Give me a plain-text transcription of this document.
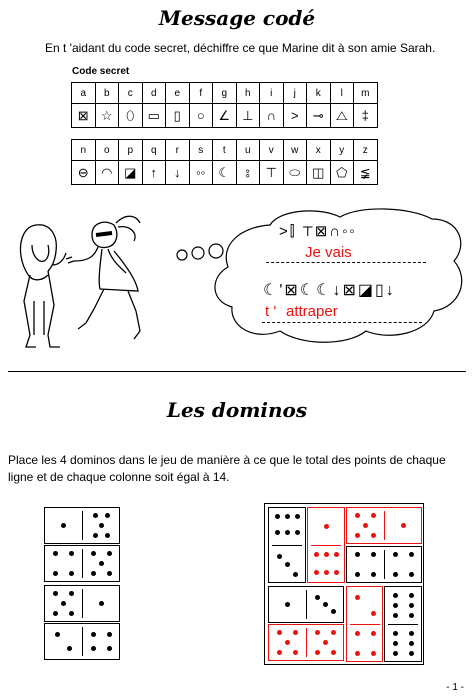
Message codé
En t 'aidant du code secret, déchiffre ce que Marine dit à son amie Sarah.
Code secret
a	b	c	d	e	f	g	h	i	j	k	l	m
⊠	☆	⬯	▭	▯	○	∠	⊥	∩	>	⊸	⧍	‡
n	o	p	q	r	s	t	u	v	w	x	y	z
⊖	◠	◪	↑	↓	◦◦	☾	⦂	⊤	⬭	◫	⬠	≨
>⫿ ⊤⊠∩◦◦
Je vais
☾ʹ⊠☾☾↓⊠◪▯↓
t ' attraper
Les dominos
Place les 4 dominos dans le jeu de manière à ce que le total des points de chaque ligne et de chaque colonne soit égal à 14.
- 1 -
